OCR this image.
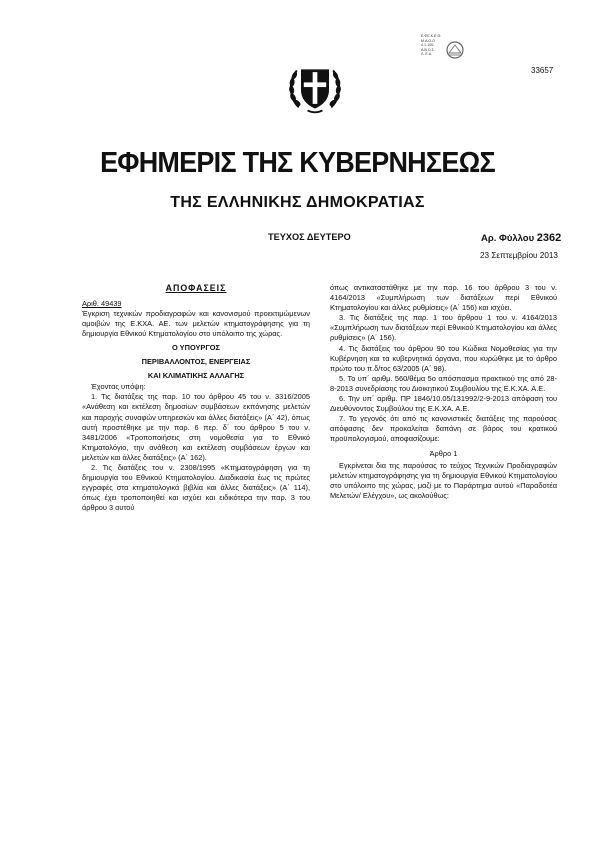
Ε.ΦΕ.Κ.Ε.Θ.
Μ.Α.Ο.Ο
4.1-100.
Α.Β.Ο.Σ.
Λ. Ε.Α.
33657
ΕΦΗΜΕΡΙΣ ΤΗΣ ΚΥΒΕΡΝΗΣΕΩΣ
ΤΗΣ ΕΛΛΗΝΙΚΗΣ ΔΗΜΟΚΡΑΤΙΑΣ
ΤΕΥΧΟΣ ΔΕΥΤΕΡΟ	Αρ. Φύλλου 2362
23 Σεπτεμβρίου 2013

ΑΠΟΦΑΣΕΙΣ

Αριθ. 49439

Έγκριση τεχνικών προδιαγραφών και κανονισμού προεκτιμώμενων αμοιβών της Ε.ΚΧΑ. ΑΕ. των μελετών κτηματογράφησης για τη δημιουργία Εθνικού Κτηματολογίου στο υπόλοιπο της χώρας.

Ο ΥΠΟΥΡΓΟΣ

ΠΕΡΙΒΑΛΛΟΝΤΟΣ, ΕΝΕΡΓΕΙΑΣ

ΚΑΙ ΚΛΙΜΑΤΙΚΗΣ ΑΛΛΑΓΗΣ

Έχοντας υπόψη:

1. Τις διατάξεις της παρ. 10 του άρθρου 45 του ν. 3316/2005 «Ανάθεση και εκτέλεση δημοσίων συμβάσεων εκπόνησης μελετών και παροχής συναφών υπηρεσιών και άλλες διατάξεις» (Α΄ 42), όπως αυτή προστέθηκε με την παρ. 6 περ. δ΄ του άρθρου 5 του ν. 3481/2006 «Τροποποιήσεις στη νομοθεσία για το Εθνικό Κτηματολόγιο, την ανάθεση και εκτέλεση συμβάσεων έργων και μελετών και άλλες διατάξεις» (Α΄ 162).

2. Τις διατάξεις του ν. 2308/1995 «Κτηματογράφηση για τη δημιουργία του Εθνικού Κτηματολογίου. Διαδικασία έως τις πρώτες εγγραφές στα κτηματολογικά βιβλία και άλλες διατάξεις» (Α΄ 114), όπως έχει τροποποιηθεί και ισχύει και ειδικότερα την παρ. 3 του άρθρου 3 αυτού

όπως αντικαταστάθηκε με την παρ. 16 του άρθρου 3 του ν. 4164/2013 «Συμπλήρωση των διατάξεων περί Εθνικού Κτηματολογίου και άλλες ρυθμίσεις» (Α΄ 156) και ισχύει.

3. Τις διατάξεις της παρ. 1 του άρθρου 1 του ν. 4164/2013 «Συμπλήρωση των διατάξεων περί Εθνικού Κτηματολογίου και άλλες ρυθμίσεις» (Α΄ 156).

4. Τις διατάξεις του άρθρου 90 του Κώδικα Νομοθεσίας για την Κυβέρνηση και τα κυβερνητικά όργανα, που κυρώθηκε με το άρθρο πρώτο του π.δ/τος 63/2005 (Α΄ 98).

5. Το υπ΄ αριθμ. 560/θέμα 5ο απόσπασμα πρακτικού της από 28-8-2013 συνεδρίασης του Διοικητικού Συμβουλίου της Ε.Κ.ΧΑ. Α.Ε.

6. Την υπ΄ αριθμ. ΠΡ 1846/10.05/131992/2-9-2013 απόφαση του Διευθύνοντος Συμβούλου της Ε.Κ.ΧΑ. Α.Ε.

7. Το γεγονός ότι από τις κανονιστικές διατάξεις της παρούσας απόφασης δεν προκαλείται δαπάνη σε βάρος του κρατικού προϋπολογισμού, αποφασίζουμε:

Άρθρο 1

Εγκρίνεται δια της παρούσας το τεύχος Τεχνικών Προδιαγραφών μελετών κτηματογράφησης για τη δημιουργία Εθνικού Κτηματολογίου στο υπόλοιπο της χώρας, μαζί με το Παράρτημα αυτού «Παραδοτέα Μελετών/ Ελέγχου», ως ακολούθως:
